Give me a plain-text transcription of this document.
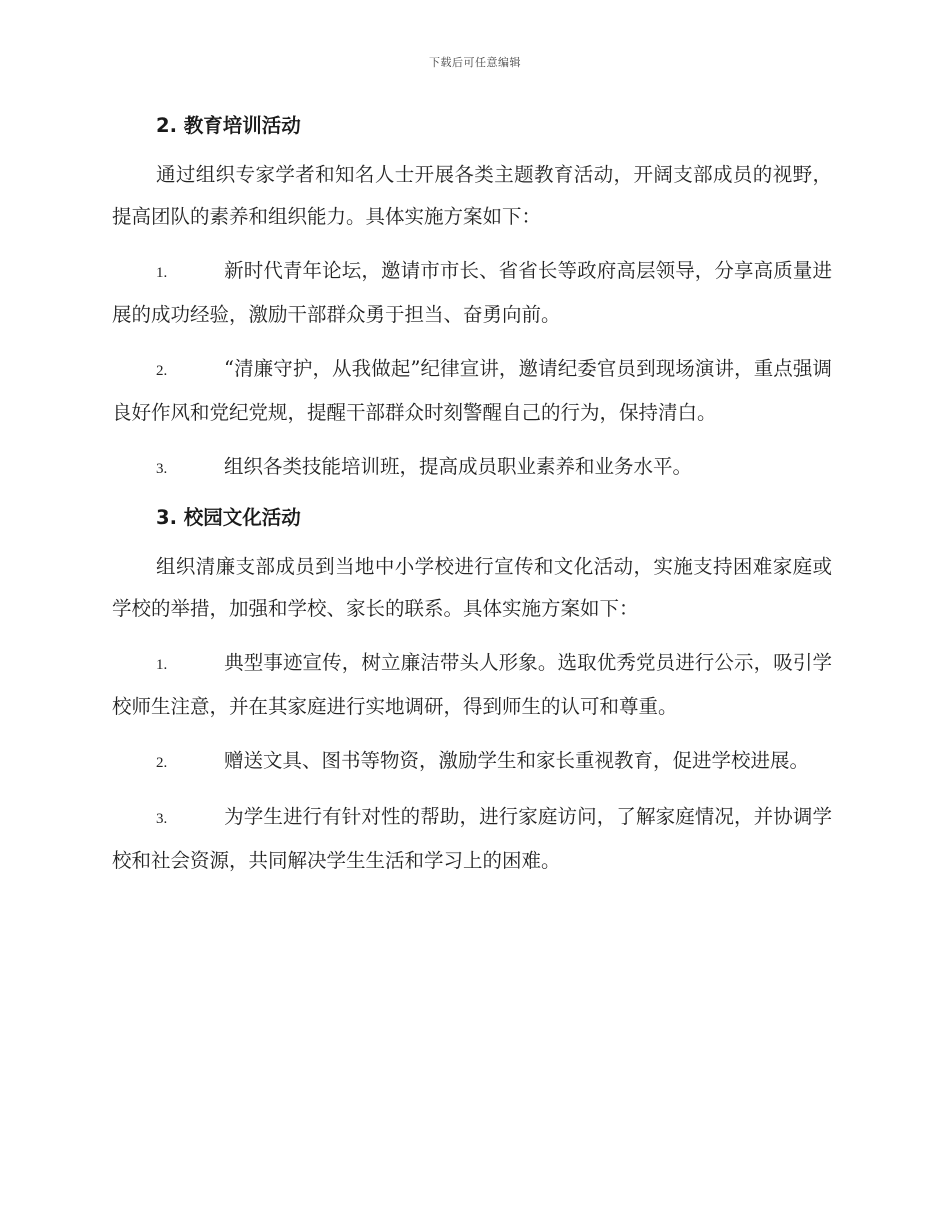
下载后可任意编辑

2. 教育培训活动

通过组织专家学者和知名人士开展各类主题教育活动，开阔支部成员的视野，提高团队的素养和组织能力。具体实施方案如下：

1.	新时代青年论坛，邀请市市长、省省长等政府高层领导，分享高质量进展的成功经验，激励干部群众勇于担当、奋勇向前。

2.	“清廉守护，从我做起”纪律宣讲，邀请纪委官员到现场演讲，重点强调良好作风和党纪党规，提醒干部群众时刻警醒自己的行为，保持清白。

3.	组织各类技能培训班，提高成员职业素养和业务水平。

3. 校园文化活动

组织清廉支部成员到当地中小学校进行宣传和文化活动，实施支持困难家庭或学校的举措，加强和学校、家长的联系。具体实施方案如下：

1.	典型事迹宣传，树立廉洁带头人形象。选取优秀党员进行公示，吸引学校师生注意，并在其家庭进行实地调研，得到师生的认可和尊重。

2.	赠送文具、图书等物资，激励学生和家长重视教育，促进学校进展。

3.	为学生进行有针对性的帮助，进行家庭访问，了解家庭情况，并协调学校和社会资源，共同解决学生生活和学习上的困难。
